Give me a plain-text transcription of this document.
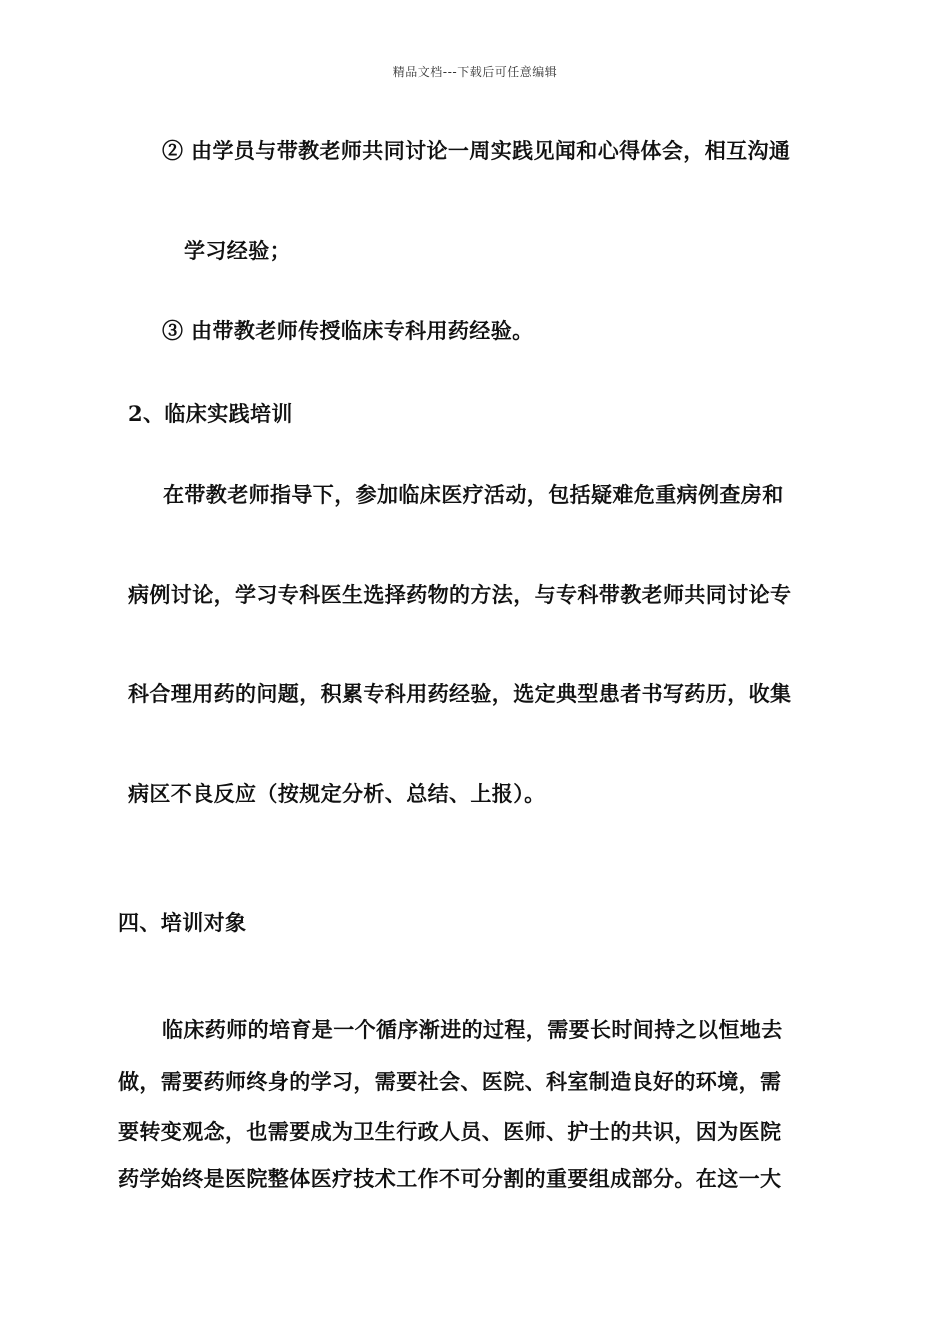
精品文档---下载后可任意编辑
② 由学员与带教老师共同讨论一周实践见闻和心得体会，相互沟通
学习经验；
③ 由带教老师传授临床专科用药经验。
2、临床实践培训
在带教老师指导下，参加临床医疗活动，包括疑难危重病例查房和
病例讨论，学习专科医生选择药物的方法，与专科带教老师共同讨论专
科合理用药的问题，积累专科用药经验，选定典型患者书写药历，收集
病区不良反应（按规定分析、总结、上报）。
四、培训对象
临床药师的培育是一个循序渐进的过程，需要长时间持之以恒地去
做，需要药师终身的学习，需要社会、医院、科室制造良好的环境，需
要转变观念，也需要成为卫生行政人员、医师、护士的共识，因为医院
药学始终是医院整体医疗技术工作不可分割的重要组成部分。在这一大
